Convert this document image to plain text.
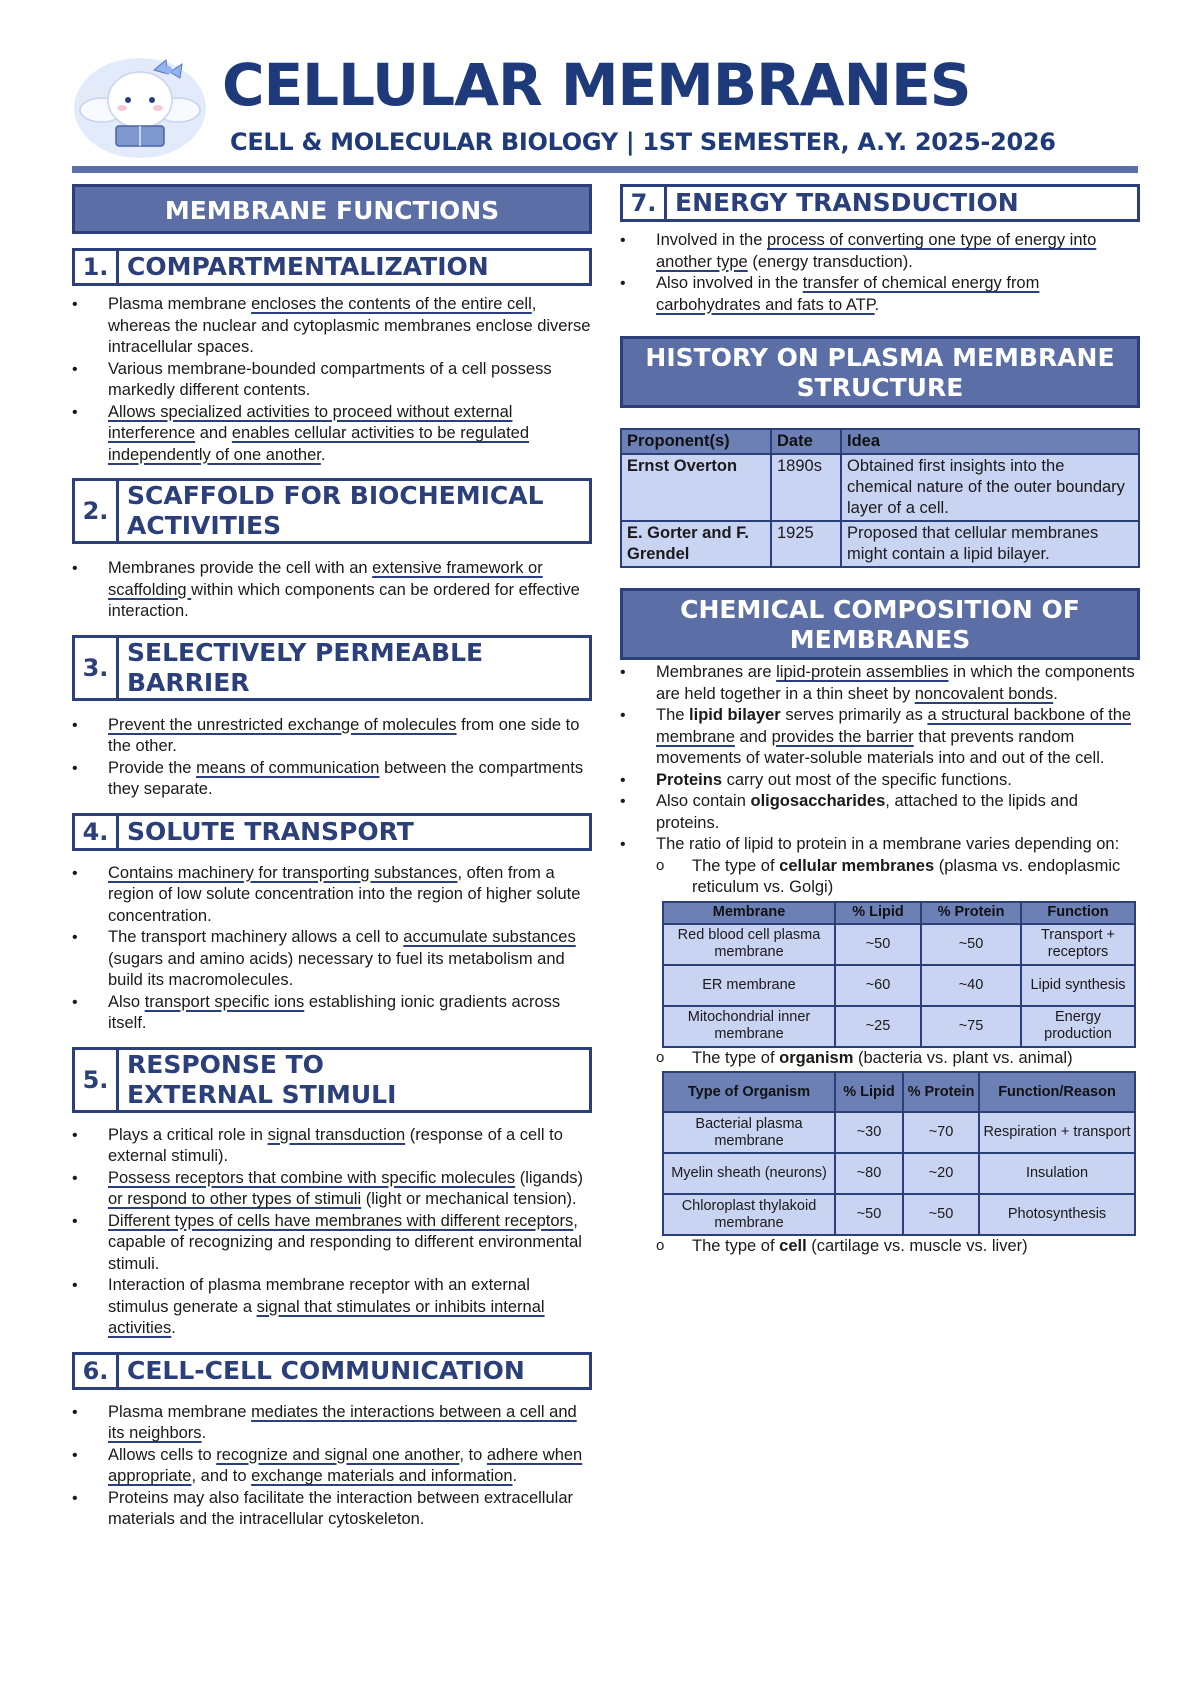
CELLULAR MEMBRANES
CELL & MOLECULAR BIOLOGY | 1ST SEMESTER, A.Y. 2025-2026
MEMBRANE FUNCTIONS
1. COMPARTMENTALIZATION
• Plasma membrane encloses the contents of the entire cell, whereas the nuclear and cytoplasmic membranes enclose diverse intracellular spaces.
• Various membrane-bounded compartments of a cell possess markedly different contents.
• Allows specialized activities to proceed without external interference and enables cellular activities to be regulated independently of one another.
2.
SCAFFOLD FOR BIOCHEMICAL ACTIVITIES
• Membranes provide the cell with an extensive framework or scaffolding within which components can be ordered for effective interaction.
3.
SELECTIVELY PERMEABLE BARRIER
• Prevent the unrestricted exchange of molecules from one side to the other.
• Provide the means of communication between the compartments they separate.
4. SOLUTE TRANSPORT
• Contains machinery for transporting substances, often from a region of low solute concentration into the region of higher solute concentration.
• The transport machinery allows a cell to accumulate substances (sugars and amino acids) necessary to fuel its metabolism and build its macromolecules.
• Also transport specific ions establishing ionic gradients across itself.
5.
RESPONSE TO EXTERNAL STIMULI
• Plays a critical role in signal transduction (response of a cell to external stimuli).
• Possess receptors that combine with specific molecules (ligands) or respond to other types of stimuli (light or mechanical tension).
• Different types of cells have membranes with different receptors, capable of recognizing and responding to different environmental stimuli.
• Interaction of plasma membrane receptor with an external stimulus generate a signal that stimulates or inhibits internal activities.
6. CELL-CELL COMMUNICATION
• Plasma membrane mediates the interactions between a cell and its neighbors.
• Allows cells to recognize and signal one another, to adhere when appropriate, and to exchange materials and information.
• Proteins may also facilitate the interaction between extracellular materials and the intracellular cytoskeleton.
7. ENERGY TRANSDUCTION
• Involved in the process of converting one type of energy into another type (energy transduction).
• Also involved in the transfer of chemical energy from carbohydrates and fats to ATP.
HISTORY ON PLASMA MEMBRANE STRUCTURE
Proponent(s)	Date	Idea
Ernst Overton	1890s	Obtained first insights into the chemical nature of the outer boundary layer of a cell.
E. Gorter and F. Grendel	1925	Proposed that cellular membranes might contain a lipid bilayer.
CHEMICAL COMPOSITION OF MEMBRANES
• Membranes are lipid-protein assemblies in which the components are held together in a thin sheet by noncovalent bonds.
• The lipid bilayer serves primarily as a structural backbone of the membrane and provides the barrier that prevents random movements of water-soluble materials into and out of the cell.
• Proteins carry out most of the specific functions.
• Also contain oligosaccharides, attached to the lipids and proteins.
• The ratio of lipid to protein in a membrane varies depending on:
o The type of cellular membranes (plasma vs. endoplasmic reticulum vs. Golgi)
Membrane	% Lipid	% Protein	Function
Red blood cell plasma membrane	~50	~50	Transport + receptors
ER membrane	~60	~40	Lipid synthesis
Mitochondrial inner membrane	~25	~75	Energy production
o The type of organism (bacteria vs. plant vs. animal)
Type of Organism	% Lipid	% Protein	Function/Reason
Bacterial plasma membrane	~30	~70	Respiration + transport
Myelin sheath (neurons)	~80	~20	Insulation
Chloroplast thylakoid membrane	~50	~50	Photosynthesis
o The type of cell (cartilage vs. muscle vs. liver)
